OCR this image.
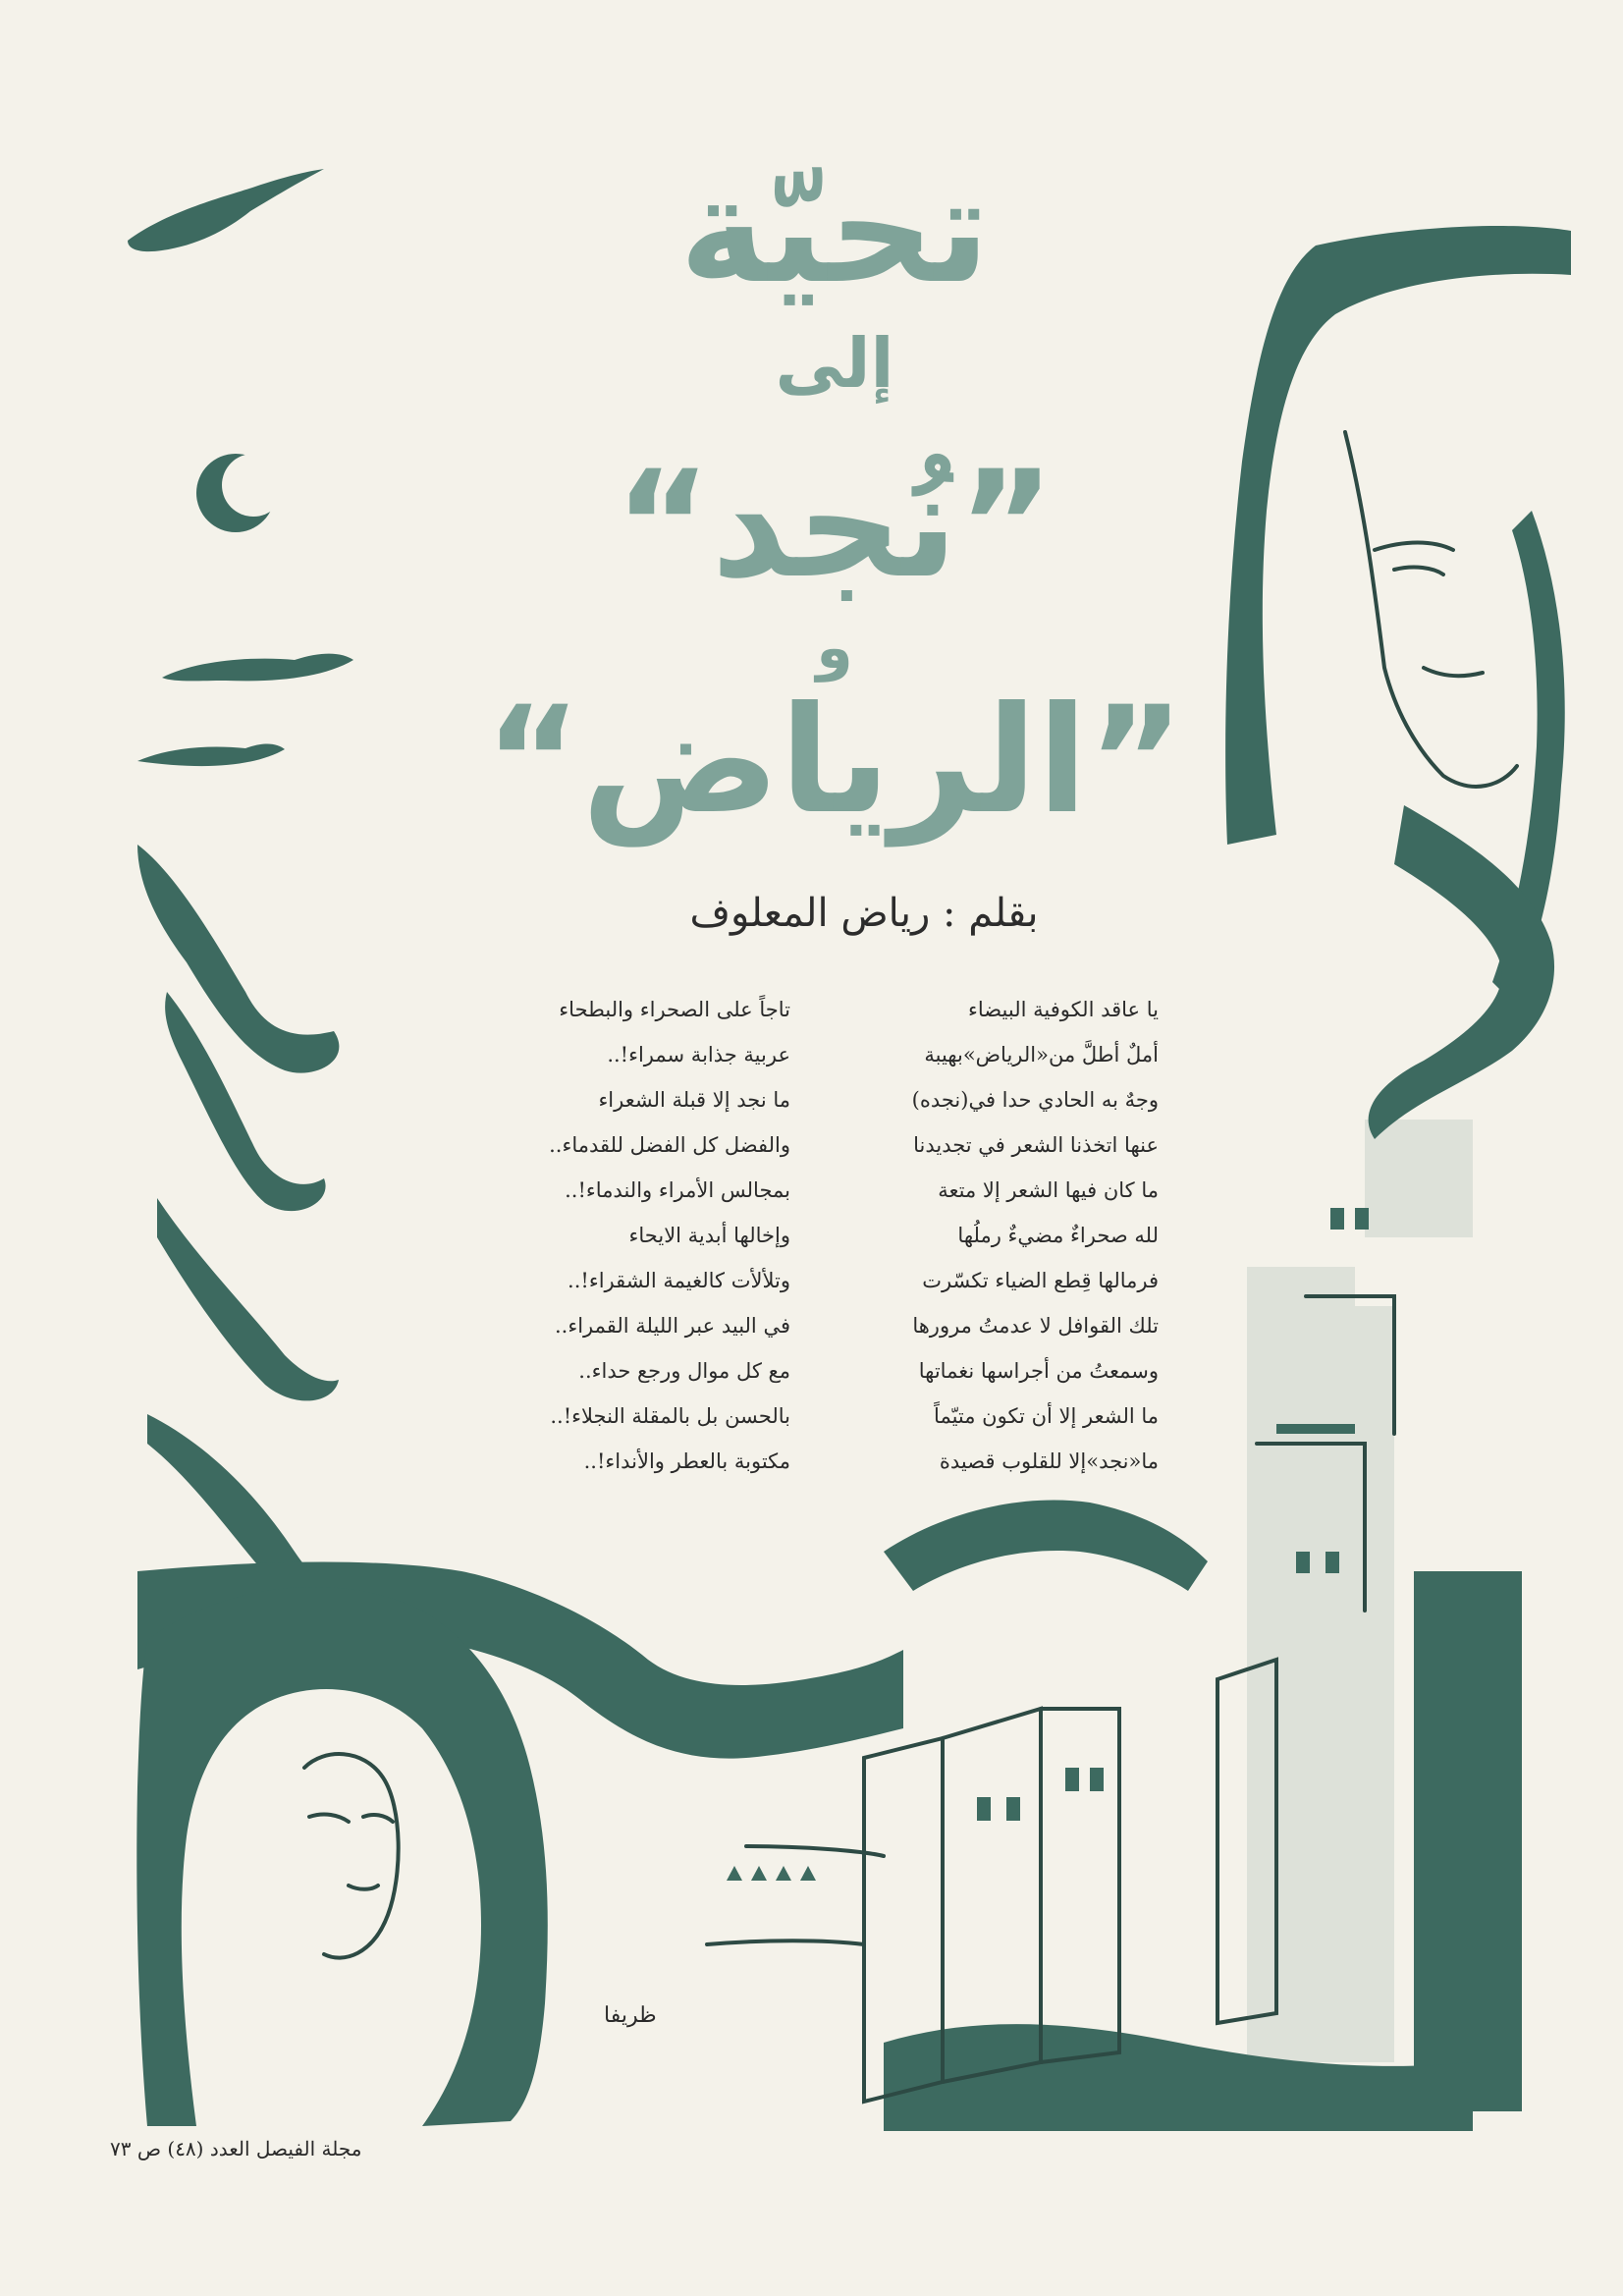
تحيّة
إلى
”نُجد“
و
”الرياض“
بقلم : رياض المعلوف
يا عاقد الكوفية البيضاء
أملٌ أطلَّ من«الرياض»بهيبة
وجهٌ به الحادي حدا في(نجده)
عنها اتخذنا الشعر في تجديدنا
ما كان فيها الشعر إلا متعة
لله صحراءٌ مضيءٌ رملُها
فرمالها قِطع الضياء تكسّرت
تلك القوافل لا عدمتُ مرورها
وسمعتُ من أجراسها نغماتها
ما الشعر إلا أن تكون متيّماً
ما«نجد»إلا للقلوب قصيدة
تاجاً على الصحراء والبطحاء
عربية جذابة سمراء!..
ما نجد إلا قبلة الشعراء
والفضل كل الفضل للقدماء..
بمجالس الأمراء والندماء!..
وإخالها أبدية الايحاء
وتلألأت كالغيمة الشقراء!..
في البيد عبر الليلة القمراء..
مع كل موال ورجع حداء..
بالحسن بل بالمقلة النجلاء!..
مكتوبة بالعطر والأنداء!..
ظريفا
مجلة الفيصل العدد (٤٨) ص ٧٣
